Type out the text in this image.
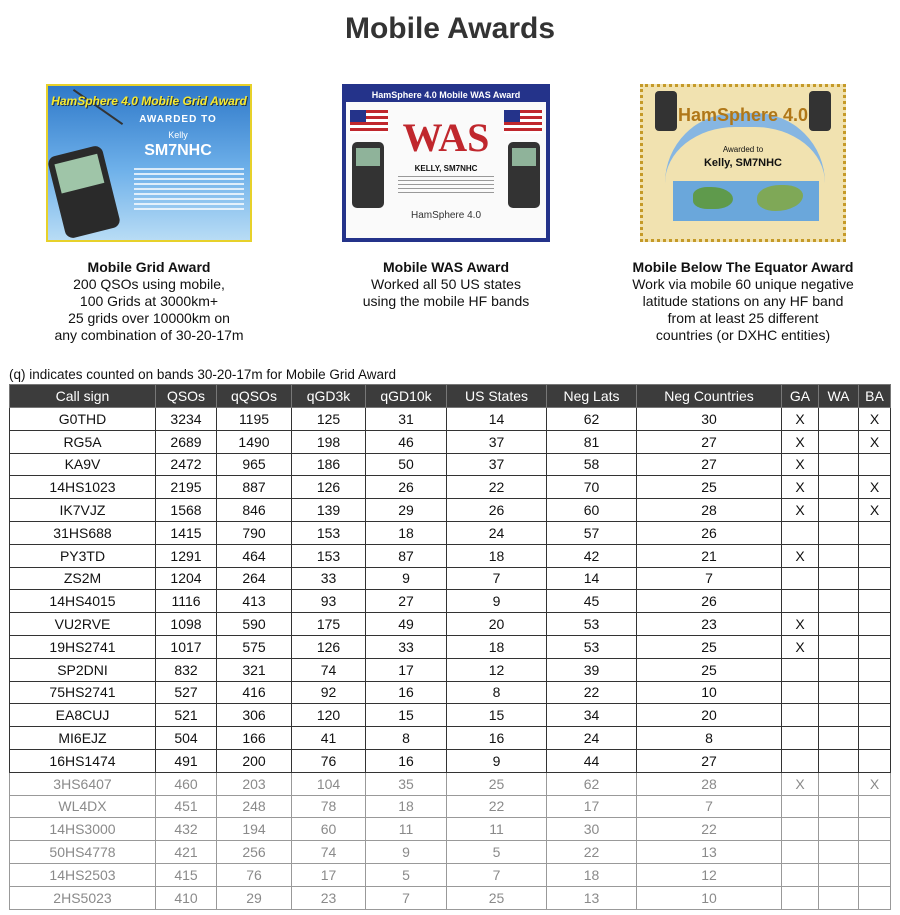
Mobile Awards
HamSphere 4.0 Mobile Grid Award
AWARDED TO
Kelly
SM7NHC
Mobile Grid Award
200 QSOs using mobile,
100 Grids at 3000km+
25 grids over 10000km on
any combination of 30-20-17m
HamSphere 4.0 Mobile WAS Award
WAS
KELLY, SM7NHC
HamSphere 4.0
Mobile WAS Award
Worked all 50 US states
using the mobile HF bands
HamSphere 4.0
Awarded to
Kelly, SM7NHC
Mobile Below The Equator Award
Work via mobile 60 unique negative
latitude stations on any HF band
from at least 25 different
countries (or DXHC entities)
(q) indicates counted on bands 30-20-17m for Mobile Grid Award
Call sign	QSOs	qQSOs	qGD3k	qGD10k	US States	Neg Lats	Neg Countries	GA	WA	BA
G0THD	3234	1195	125	31	14	62	30	X		X
RG5A	2689	1490	198	46	37	81	27	X		X
KA9V	2472	965	186	50	37	58	27	X		
14HS1023	2195	887	126	26	22	70	25	X		X
IK7VJZ	1568	846	139	29	26	60	28	X		X
31HS688	1415	790	153	18	24	57	26			
PY3TD	1291	464	153	87	18	42	21	X		
ZS2M	1204	264	33	9	7	14	7			
14HS4015	1116	413	93	27	9	45	26			
VU2RVE	1098	590	175	49	20	53	23	X		
19HS2741	1017	575	126	33	18	53	25	X		
SP2DNI	832	321	74	17	12	39	25			
75HS2741	527	416	92	16	8	22	10			
EA8CUJ	521	306	120	15	15	34	20			
MI6EJZ	504	166	41	8	16	24	8			
16HS1474	491	200	76	16	9	44	27			
3HS6407	460	203	104	35	25	62	28	X		X
WL4DX	451	248	78	18	22	17	7			
14HS3000	432	194	60	11	11	30	22			
50HS4778	421	256	74	9	5	22	13			
14HS2503	415	76	17	5	7	18	12			
2HS5023	410	29	23	7	25	13	10			
